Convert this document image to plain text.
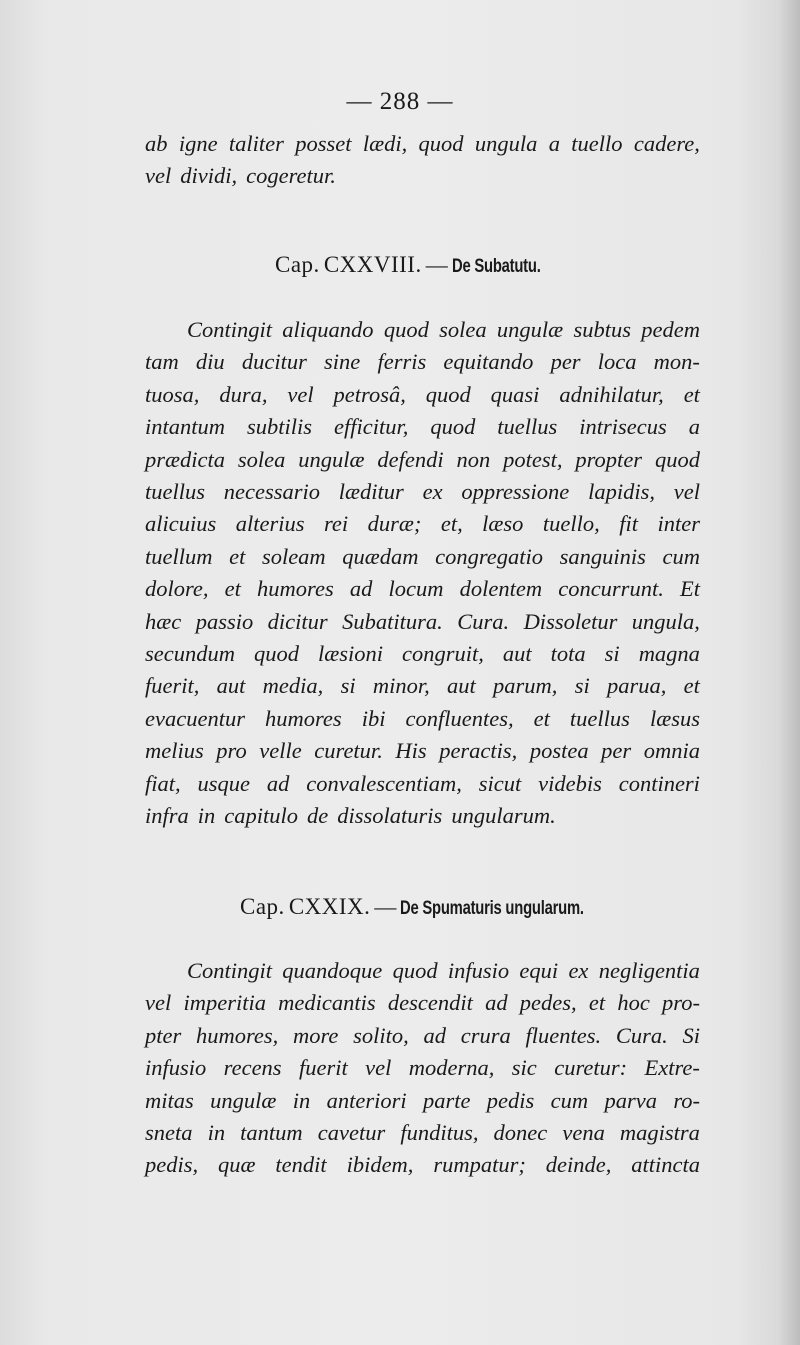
— 288 —
ab igne taliter posset lædi, quod ungula a tuello cadere,
vel dividi, cogeretur.
Cap. CXXVIII. — De Subatutu.
Contingit aliquando quod solea ungulæ subtus pedem
tam diu ducitur sine ferris equitando per loca mon-
tuosa, dura, vel petrosâ, quod quasi adnihilatur, et
intantum subtilis efficitur, quod tuellus intrisecus a
prædicta solea ungulæ defendi non potest, propter quod
tuellus necessario læditur ex oppressione lapidis, vel
alicuius alterius rei duræ; et, læso tuello, fit inter
tuellum et soleam quædam congregatio sanguinis cum
dolore, et humores ad locum dolentem concurrunt. Et
hæc passio dicitur Subatitura. Cura. Dissoletur ungula,
secundum quod læsioni congruit, aut tota si magna
fuerit, aut media, si minor, aut parum, si parua, et
evacuentur humores ibi confluentes, et tuellus læsus
melius pro velle curetur. His peractis, postea per omnia
fiat, usque ad convalescentiam, sicut videbis contineri
infra in capitulo de dissolaturis ungularum.
Cap. CXXIX. — De Spumaturis ungularum.
Contingit quandoque quod infusio equi ex negligentia
vel imperitia medicantis descendit ad pedes, et hoc pro-
pter humores, more solito, ad crura fluentes. Cura. Si
infusio recens fuerit vel moderna, sic curetur: Extre-
mitas ungulæ in anteriori parte pedis cum parva ro-
sneta in tantum cavetur funditus, donec vena magistra
pedis, quæ tendit ibidem, rumpatur; deinde, attincta
